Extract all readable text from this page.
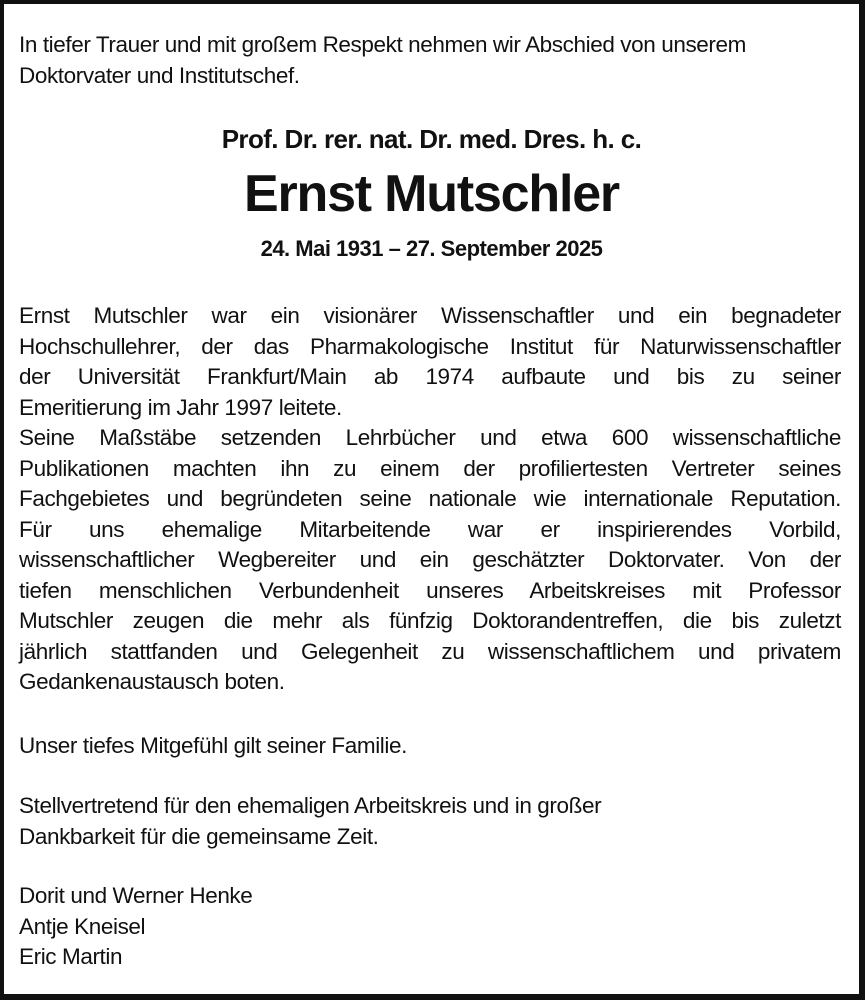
In tiefer Trauer und mit großem Respekt nehmen wir Abschied von unserem
Doktorvater und Institutschef.
Prof. Dr. rer. nat. Dr. med. Dres. h. c.
Ernst Mutschler
24. Mai 1931 – 27. September 2025

Ernst Mutschler war ein visionärer Wissenschaftler und ein begnadeter

Hochschullehrer, der das Pharmakologische Institut für Naturwissenschaftler

der Universität Frankfurt/Main ab 1974 aufbaute und bis zu seiner

Emeritierung im Jahr 1997 leitete.

Seine Maßstäbe setzenden Lehrbücher und etwa 600 wissenschaftliche

Publikationen machten ihn zu einem der profiliertesten Vertreter seines

Fachgebietes und begründeten seine nationale wie internationale Reputation.

Für uns ehemalige Mitarbeitende war er inspirierendes Vorbild,

wissenschaftlicher Wegbereiter und ein geschätzter Doktorvater. Von der

tiefen menschlichen Verbundenheit unseres Arbeitskreises mit Professor

Mutschler zeugen die mehr als fünfzig Doktorandentreffen, die bis zuletzt

jährlich stattfanden und Gelegenheit zu wissenschaftlichem und privatem

Gedankenaustausch boten.

Unser tiefes Mitgefühl gilt seiner Familie.
Stellvertretend für den ehemaligen Arbeitskreis und in großer
Dankbarkeit für die gemeinsame Zeit.
Dorit und Werner Henke
Antje Kneisel
Eric Martin
